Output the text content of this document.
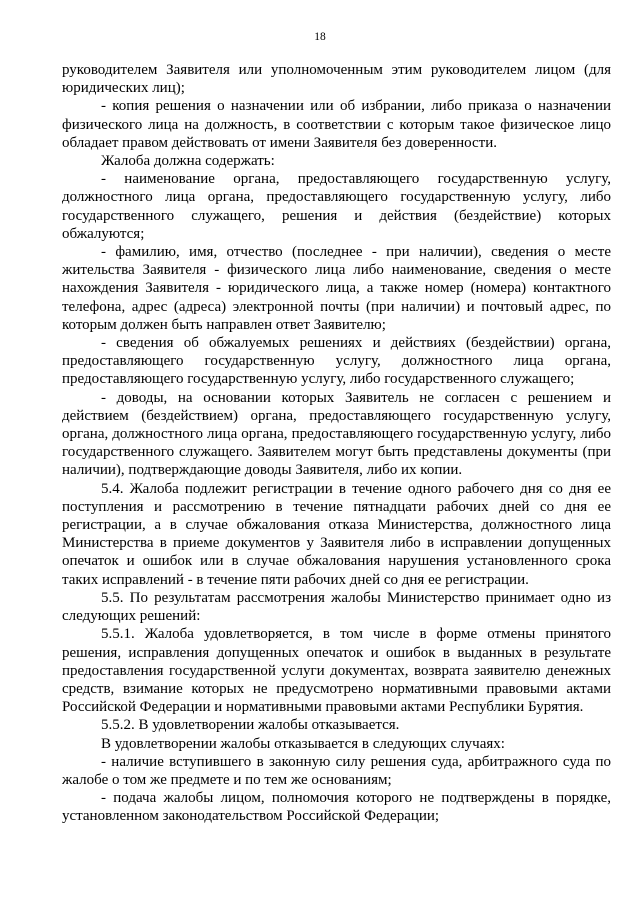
18

руководителем Заявителя или уполномоченным этим руководителем лицом (для юридических лиц);

- копия решения о назначении или об избрании, либо приказа о назначении физического лица на должность, в соответствии с которым такое физическое лицо обладает правом действовать от имени Заявителя без доверенности.

Жалоба должна содержать:

- наименование органа, предоставляющего государственную услугу, должностного лица органа, предоставляющего государственную услугу, либо государственного служащего, решения и действия (бездействие) которых обжалуются;

- фамилию, имя, отчество (последнее - при наличии), сведения о месте жительства Заявителя - физического лица либо наименование, сведения о месте нахождения Заявителя - юридического лица, а также номер (номера) контактного телефона, адрес (адреса) электронной почты (при наличии) и почтовый адрес, по которым должен быть направлен ответ Заявителю;

- сведения об обжалуемых решениях и действиях (бездействии) органа, предоставляющего государственную услугу, должностного лица органа, предоставляющего государственную услугу, либо государственного служащего;

- доводы, на основании которых Заявитель не согласен с решением и действием (бездействием) органа, предоставляющего государственную услугу, органа, должностного лица органа, предоставляющего государственную услугу, либо государственного служащего. Заявителем могут быть представлены документы (при наличии), подтверждающие доводы Заявителя, либо их копии.

5.4. Жалоба подлежит регистрации в течение одного рабочего дня со дня ее поступления и рассмотрению в течение пятнадцати рабочих дней со дня ее регистрации, а в случае обжалования отказа Министерства, должностного лица Министерства в приеме документов у Заявителя либо в исправлении допущенных опечаток и ошибок или в случае обжалования нарушения установленного срока таких исправлений - в течение пяти рабочих дней со дня ее регистрации.

5.5. По результатам рассмотрения жалобы Министерство принимает одно из следующих решений:

5.5.1. Жалоба удовлетворяется, в том числе в форме отмены принятого решения, исправления допущенных опечаток и ошибок в выданных в результате предоставления государственной услуги документах, возврата заявителю денежных средств, взимание которых не предусмотрено нормативными правовыми актами Российской Федерации и нормативными правовыми актами Республики Бурятия.

5.5.2. В удовлетворении жалобы отказывается.

В удовлетворении жалобы отказывается в следующих случаях:

- наличие вступившего в законную силу решения суда, арбитражного суда по жалобе о том же предмете и по тем же основаниям;

- подача жалобы лицом, полномочия которого не подтверждены в порядке, установленном законодательством Российской Федерации;
